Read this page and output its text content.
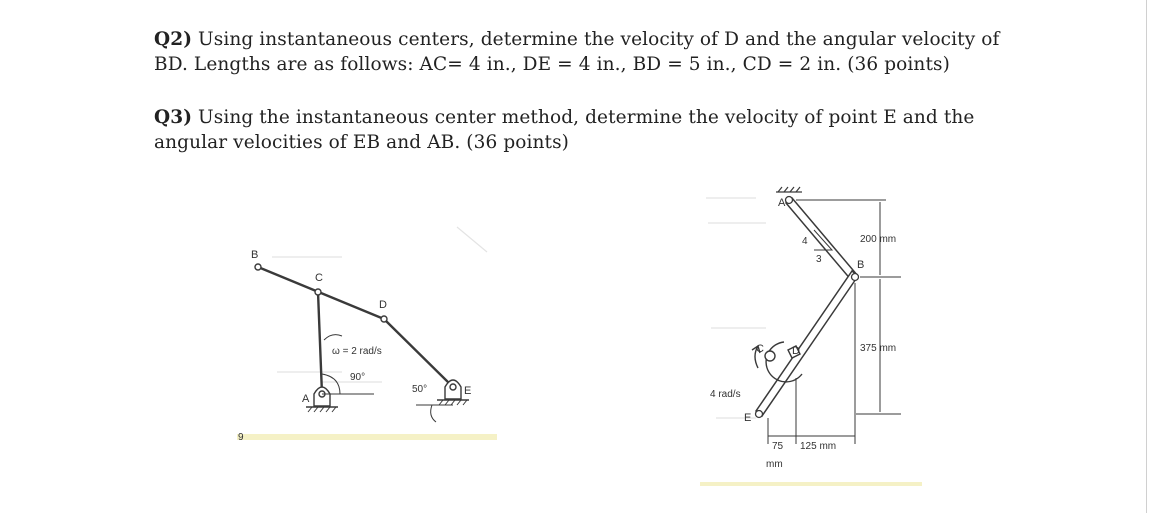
Q2) Using instantaneous centers, determine the velocity of D and the angular velocity of BD. Lengths are as follows: AC= 4 in., DE = 4 in., BD = 5 in., CD = 2 in. (36 points)
Q3) Using the instantaneous center method, determine the velocity of point E and the angular velocities of EB and AB. (36 points)
9
B
C
D
A
E
ω = 2 rad/s
90°
50°
A
B
C	D
E
4
3
200 mm
375 mm
75
mm
125 mm
4 rad/s
